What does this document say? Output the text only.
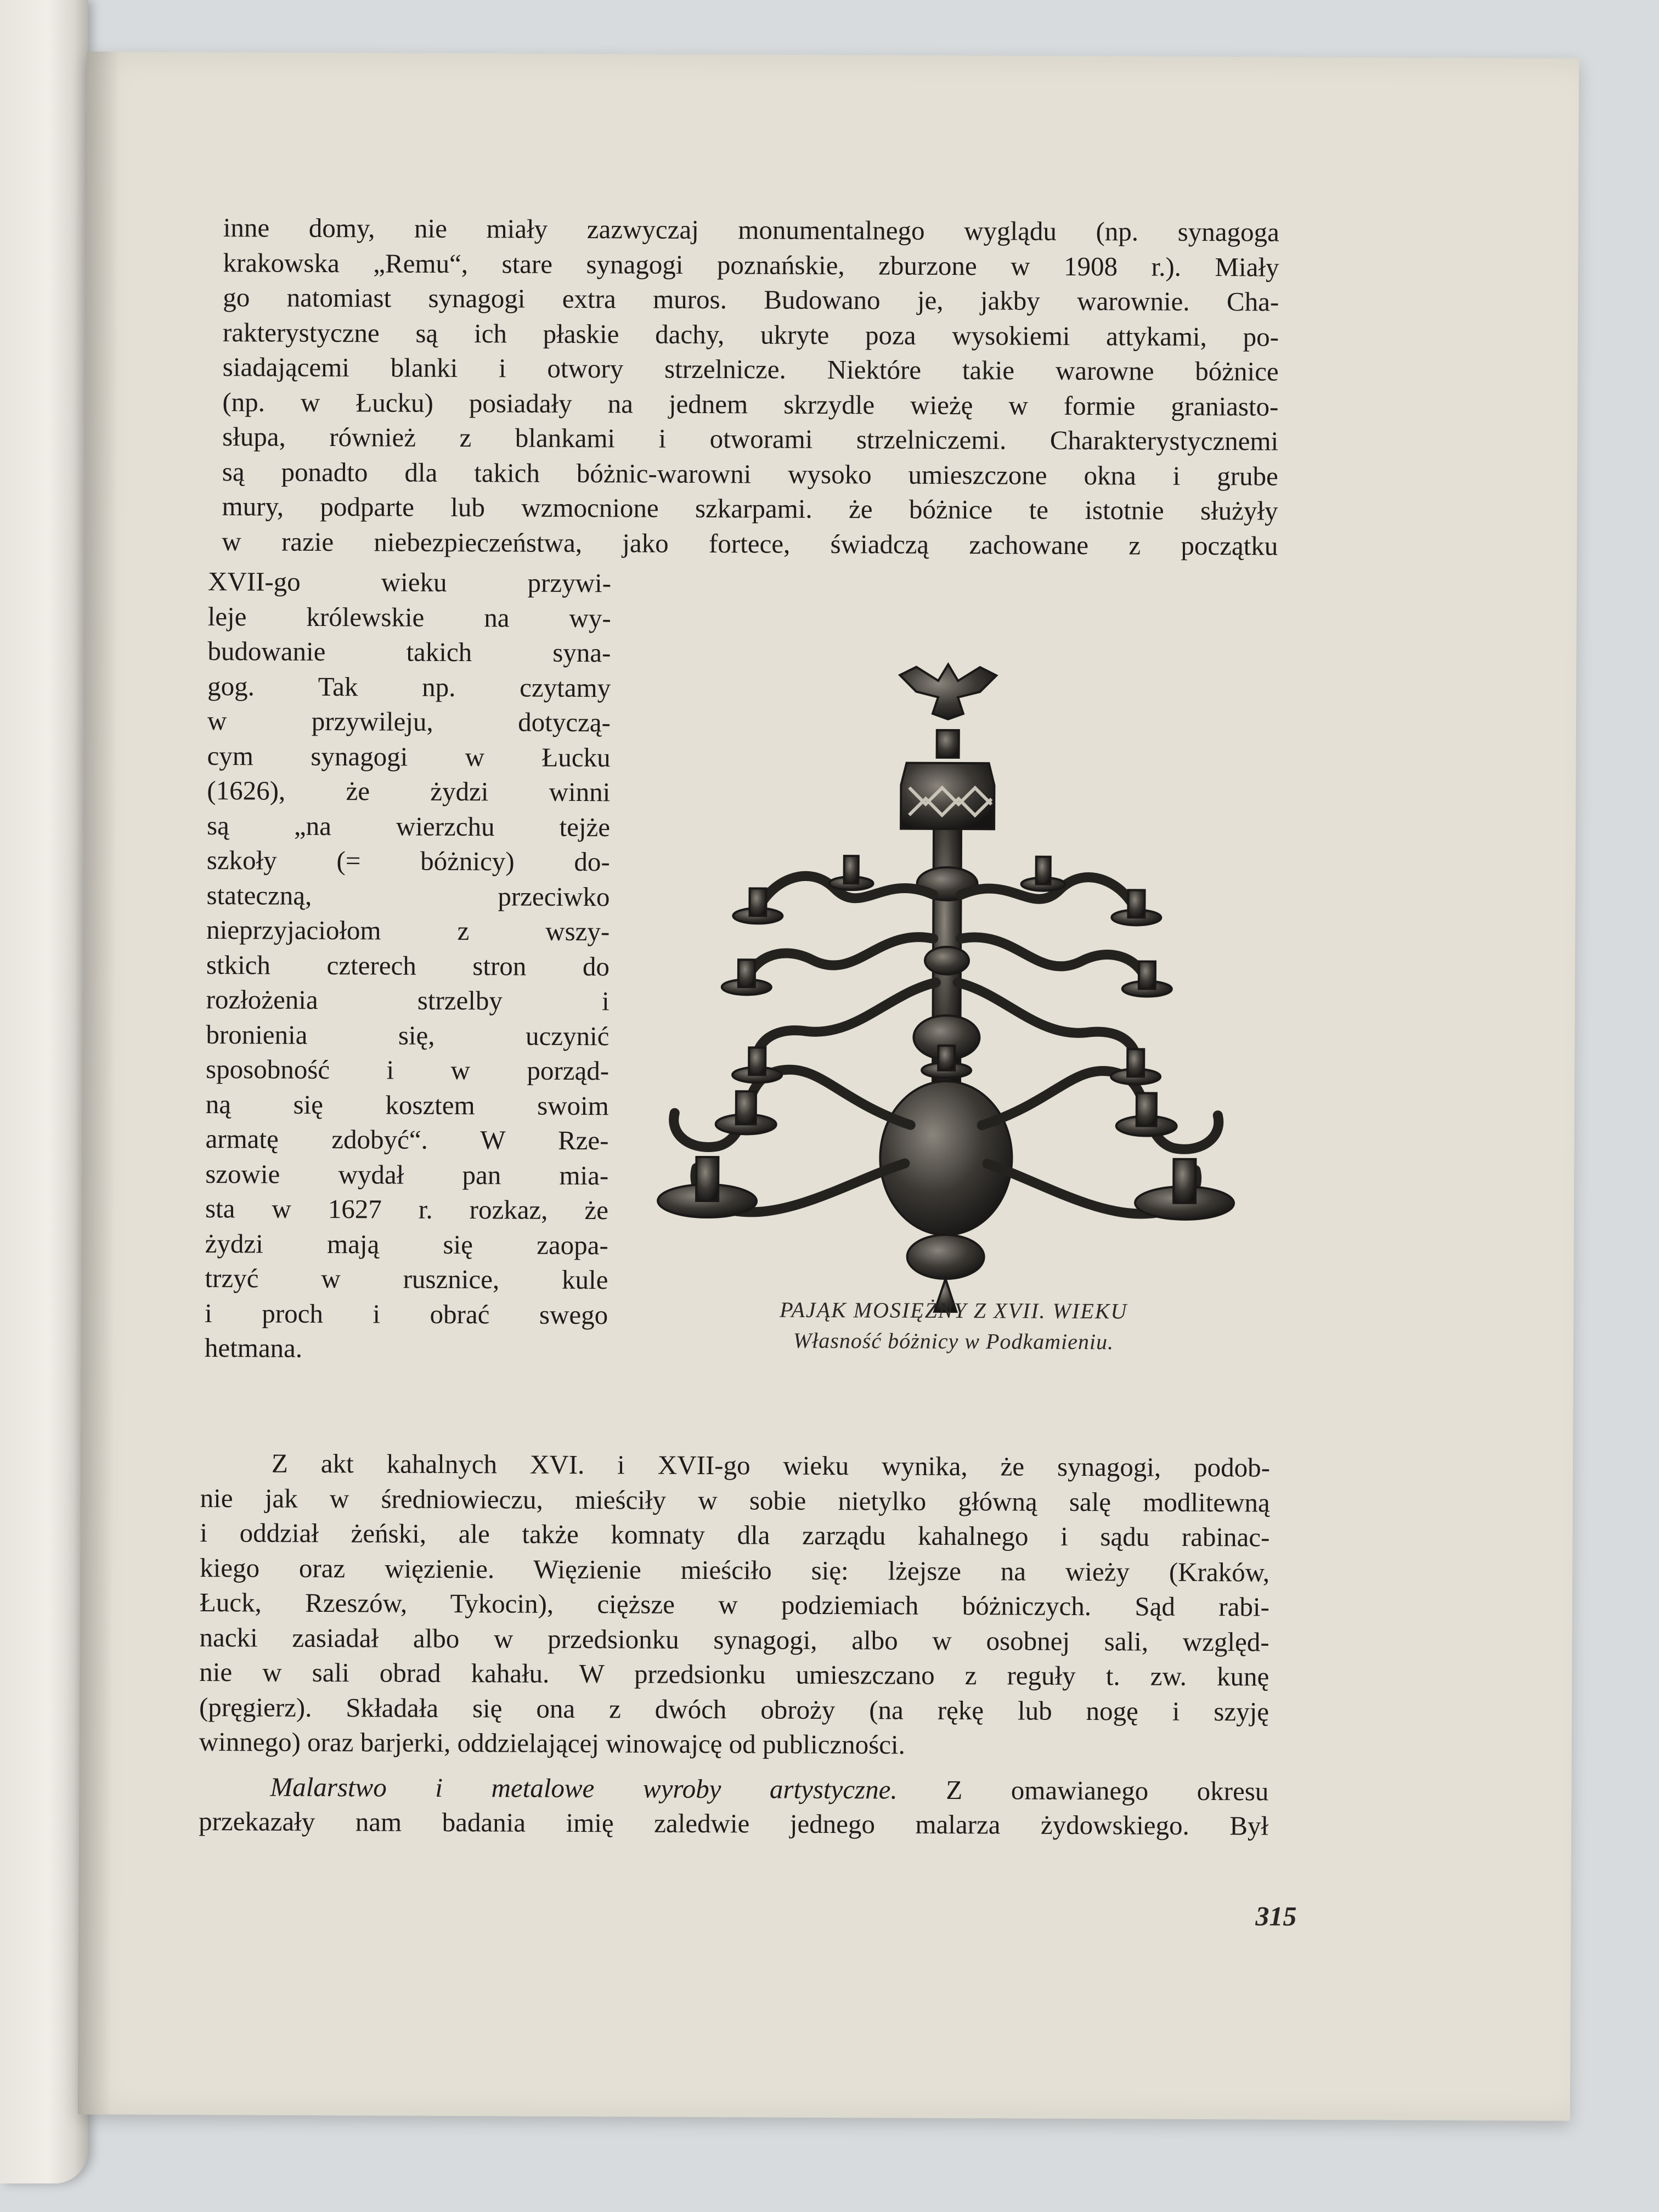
inne domy, nie miały zazwyczaj monumentalnego wyglądu (np. synagoga
krakowska „Remu“, stare synagogi poznańskie, zburzone w 1908 r.). Miały
go natomiast synagogi extra muros. Budowano je, jakby warownie. Cha-
rakterystyczne są ich płaskie dachy, ukryte poza wysokiemi attykami, po-
siadającemi blanki i otwory strzelnicze. Niektóre takie warowne bóżnice
(np. w Łucku) posiadały na jednem skrzydle wieżę w formie graniasto-
słupa, również z blankami i otworami strzelniczemi. Charakterystycznemi
są ponadto dla takich bóżnic-warowni wysoko umieszczone okna i grube
mury, podparte lub wzmocnione szkarpami. że bóżnice te istotnie służyły
w razie niebezpieczeństwa, jako fortece, świadczą zachowane z początku
XVII-go wieku przywi-
leje królewskie na wy-
budowanie takich syna-
gog. Tak np. czytamy
w przywileju, dotyczą-
cym synagogi w Łucku
(1626), że żydzi winni
są „na wierzchu tejże
szkoły (= bóżnicy) do-
stateczną, przeciwko
nieprzyjaciołom z wszy-
stkich czterech stron do
rozłożenia strzelby i
bronienia się, uczynić
sposobność i w porząd-
ną się kosztem swoim
armatę zdobyć“. W Rze-
szowie wydał pan mia-
sta w 1627 r. rozkaz, że
żydzi mają się zaopa-
trzyć w rusznice, kule
i proch i obrać swego
hetmana.
PAJĄK MOSIĘŻNY Z XVII. WIEKU
Własność bóżnicy w Podkamieniu.
Z akt kahalnych XVI. i XVII-go wieku wynika, że synagogi, podob-
nie jak w średniowieczu, mieściły w sobie nietylko główną salę modlitewną
i oddział żeński, ale także komnaty dla zarządu kahalnego i sądu rabinac-
kiego oraz więzienie. Więzienie mieściło się: lżejsze na wieży (Kraków,
Łuck, Rzeszów, Tykocin), cięższe w podziemiach bóżniczych. Sąd rabi-
nacki zasiadał albo w przedsionku synagogi, albo w osobnej sali, względ-
nie w sali obrad kahału. W przedsionku umieszczano z reguły t. zw. kunę
(pręgierz). Składała się ona z dwóch obroży (na rękę lub nogę i szyję
winnego) oraz barjerki, oddzielającej winowajcę od publiczności.
Malarstwo i metalowe wyroby artystyczne. Z omawianego okresu
przekazały nam badania imię zaledwie jednego malarza żydowskiego. Był
315
